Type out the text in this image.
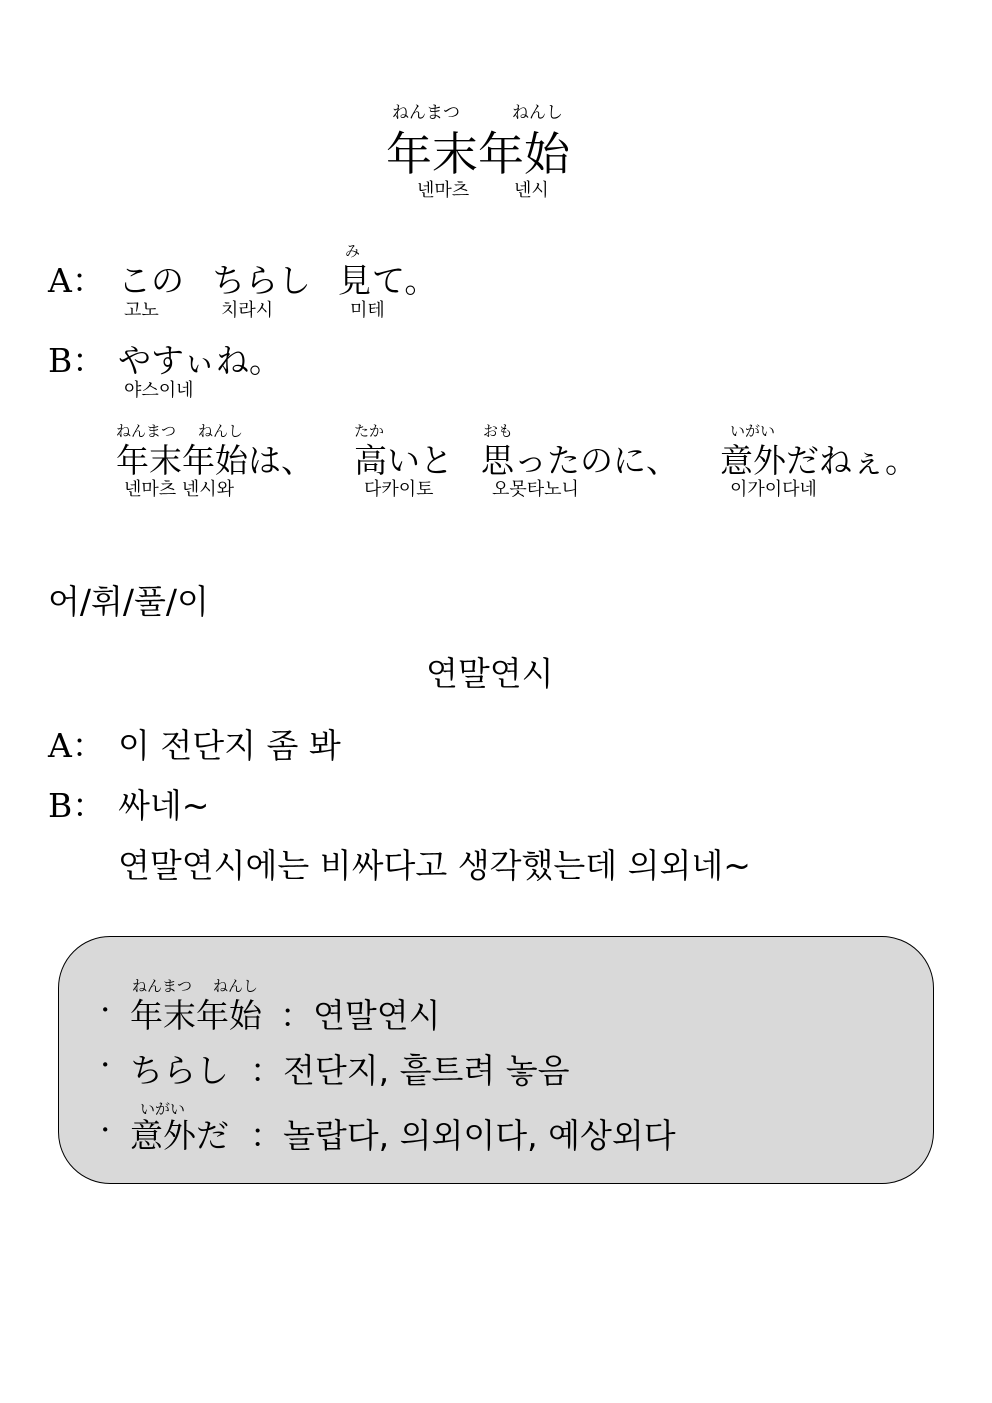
ねんまつ	ねんし
年末年始
넨마츠 넨시
み
A： この ちらし 見 て。
고노	치라시	미테
B： やすぃね。
야스이네
ねんまつ ねんし	たか	おも	いがい
年末年始は、 高いと 思ったのに、 意外だねぇ。
넨마츠 넨시와	다카이토	오못타노니	이가이다네
어/휘/풀/이
연말연시
A： 이 전단지 좀 봐
B： 싸네~
연말연시에는 비싸다고 생각했는데 의외네~
ねんまつ ねんし
· 年末年始 ：연말연시
· ちらし ：전단지, 흩트려 놓음
いがい
· 意外だ ：놀랍다, 의외이다, 예상외다
